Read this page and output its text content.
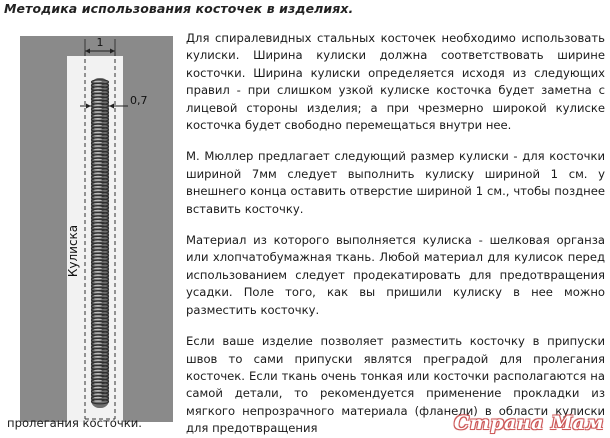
Методика использования косточек в изделиях.
1
0,7
Кулиска

Для спиралевидных стальных косточек необходимо использовать кулиски. Ширина кулиски должна соответствовать ширине косточки. Ширина кулиски определяется исходя из следующих правил - при слишком узкой кулиске косточка будет заметна с лицевой стороны изделия; а при чрезмерно широкой кулиске косточка будет свободно перемещаться внутри нее.

М. Мюллер предлагает следующий размер кулиски - для косточки шириной 7мм следует выполнить кулиску шириной 1 см. у внешнего конца оставить отверстие шириной 1 см., чтобы позднее вставить косточку.

Материал из которого выполняется кулиска - шелковая органза или хлопчатобумажная ткань. Любой материал для кулисок перед использованием следует продекатировать для предотвращения усадки. Поле того, как вы пришили кулиску в нее можно разместить косточку.

Если ваше изделие позволяет разместить косточку в припуски швов то сами припуски являтся преградой для пролегания косточек. Если ткань очень тонкая или косточки располагаются на самой детали, то рекомендуется применение прокладки из мягкого непрозрачного материала (фланели) в области кулиски для предотвращения

пролегания косточки.	Страна Мам
